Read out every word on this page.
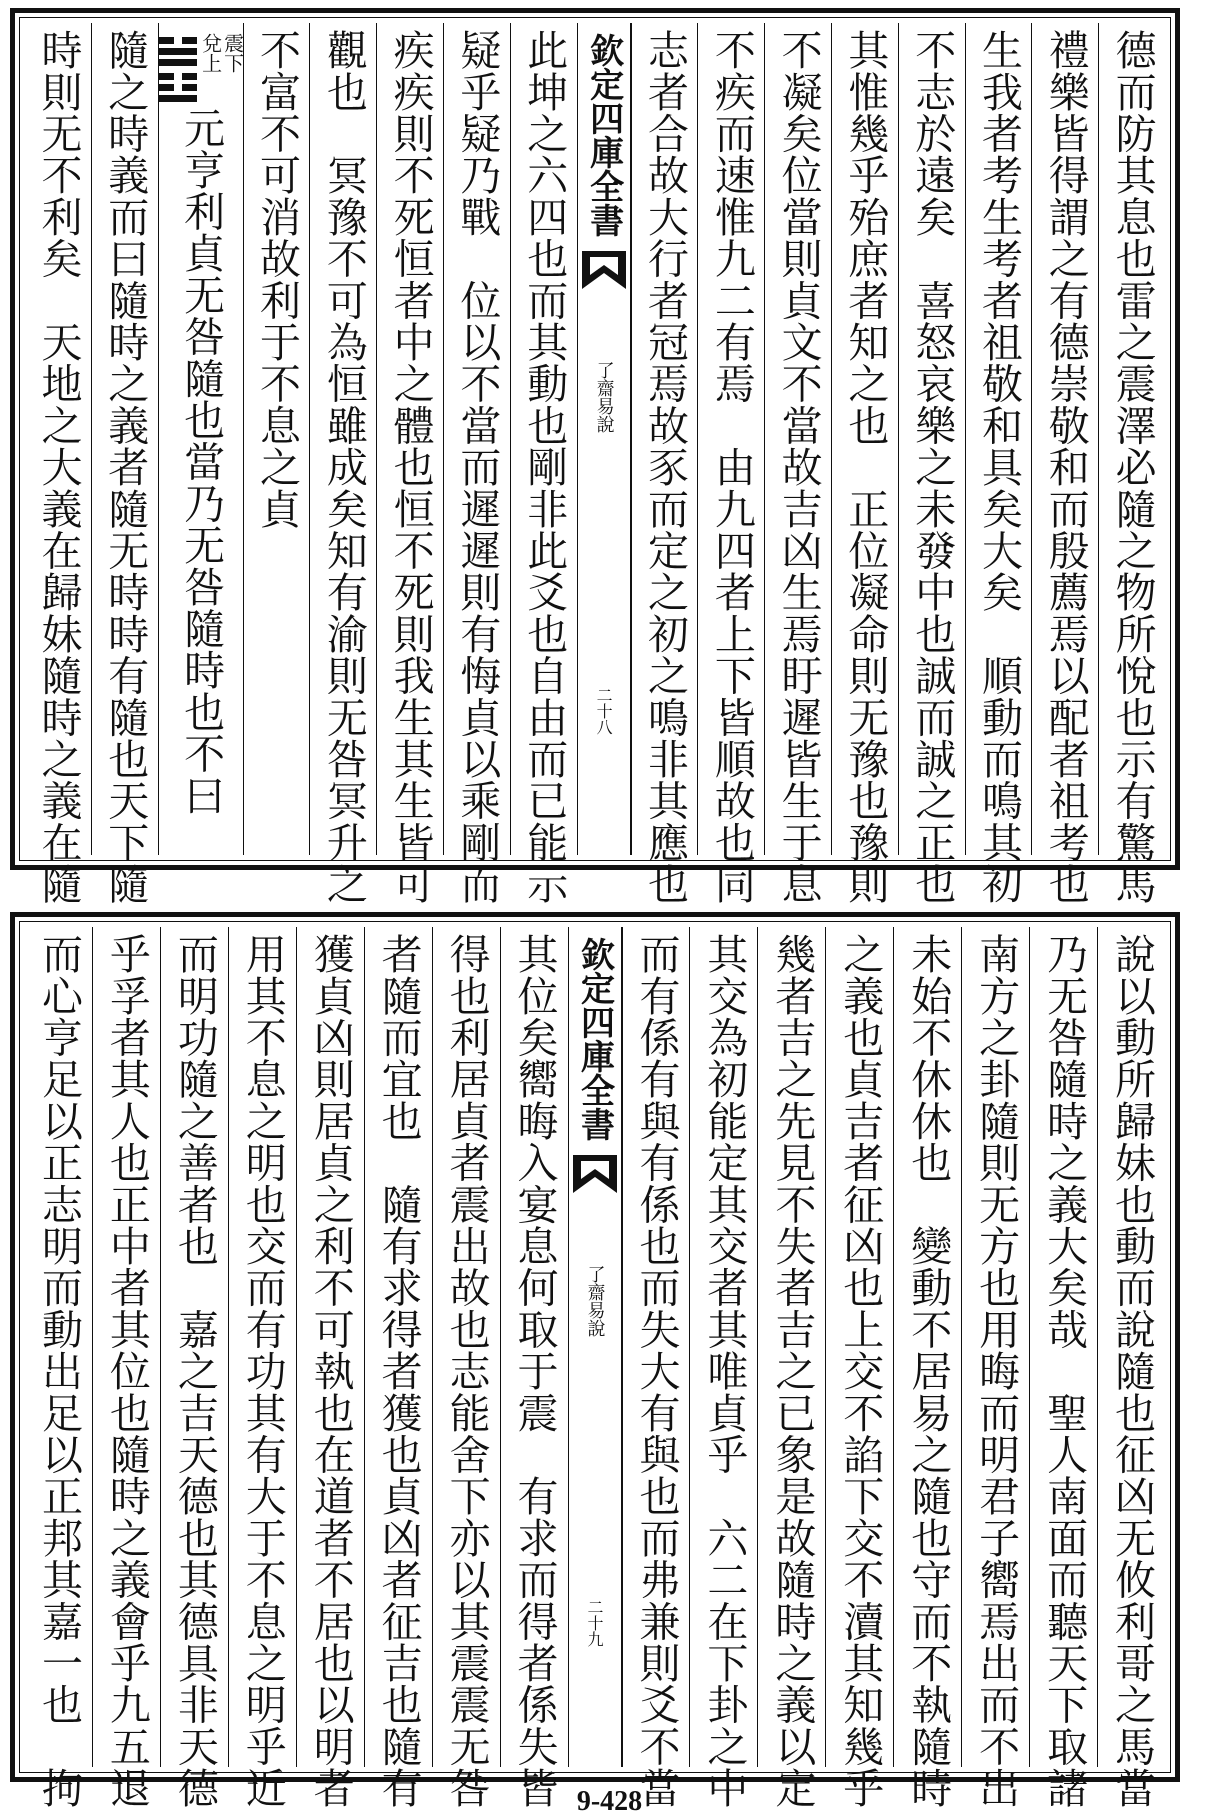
德而防其息也雷之震澤必隨之物所悅也示有驚馬
禮樂皆得謂之有德崇敬和而殷薦焉以配者祖考也
生我者考生考者祖敬和具矣大矣　順動而鳴其初
不志於遠矣　喜怒哀樂之未發中也誠而誠之正也
其惟幾乎殆庶者知之也　正位凝命則无豫也豫則
不凝矣位當則貞文不當故吉凶生焉盱遲皆生于息
不疾而速惟九二有焉　由九四者上下皆順故也同
志者合故大行者冠焉故豕而定之初之鳴非其應也
欽定四庫全書
了齋易說
二十八
此坤之六四也而其動也剛非此爻也自由而已能示
疑乎疑乃戰　位以不當而遲遲則有悔貞以乘剛而
疾疾則不死恒者中之體也恒不死則我生其生皆可
觀也　冥豫不可為恒雖成矣知有渝則无咎冥升之
不富不可消故利于不息之貞
震下
兌上
元亨利貞无咎隨也當乃无咎隨時也不曰
隨之時義而曰隨時之義者隨无時時有隨也天下隨
時則无不利矣　天地之大義在歸妹隨時之義在隨
說以動所歸妹也動而說隨也征凶无攸利哥之馬當
乃无咎隨時之義大矣哉　聖人南面而聽天下取諸
南方之卦隨則无方也用晦而明君子嚮焉出而不出
未始不休休也　變動不居易之隨也守而不執隨時
之義也貞吉者征凶也上交不諂下交不瀆其知幾乎
幾者吉之先見不失者吉之已象是故隨時之義以定
其交為初能定其交者其唯貞乎　六二在下卦之中
而有係有與有係也而失大有與也而弗兼則爻不當
欽定四庫全書
了齋易說
二十九
其位矣嚮晦入宴息何取于震　有求而得者係失皆
得也利居貞者震出故也志能舍下亦以其震震无咎
者隨而宜也　隨有求得者獲也貞凶者征吉也隨有
獲貞凶則居貞之利不可執也在道者不居也以明者
用其不息之明也交而有功其有大于不息之明乎近
而明功隨之善者也　嘉之吉天德也其德具非天德
乎孚者其人也正中者其位也隨時之義會乎九五退
而心亨足以正志明而動出足以正邦其嘉一也　拘	9-428
